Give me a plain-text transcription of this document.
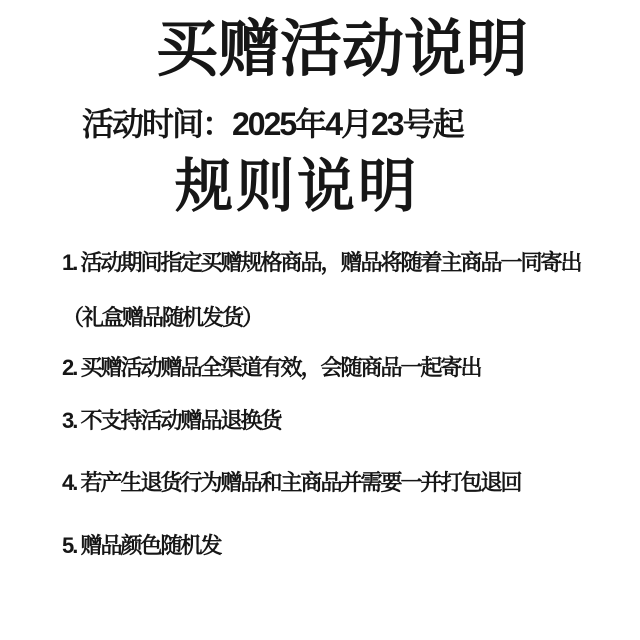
买赠活动说明
活动时间：2025年4月23号起
规则说明
1. 活动期间指定买赠规格商品，赠品将随着主商品一同寄出
（礼盒赠品随机发货）
2. 买赠活动赠品全渠道有效，会随商品一起寄出
3. 不支持活动赠品退换货
4. 若产生退货行为赠品和主商品并需要一并打包退回
5. 赠品颜色随机发
